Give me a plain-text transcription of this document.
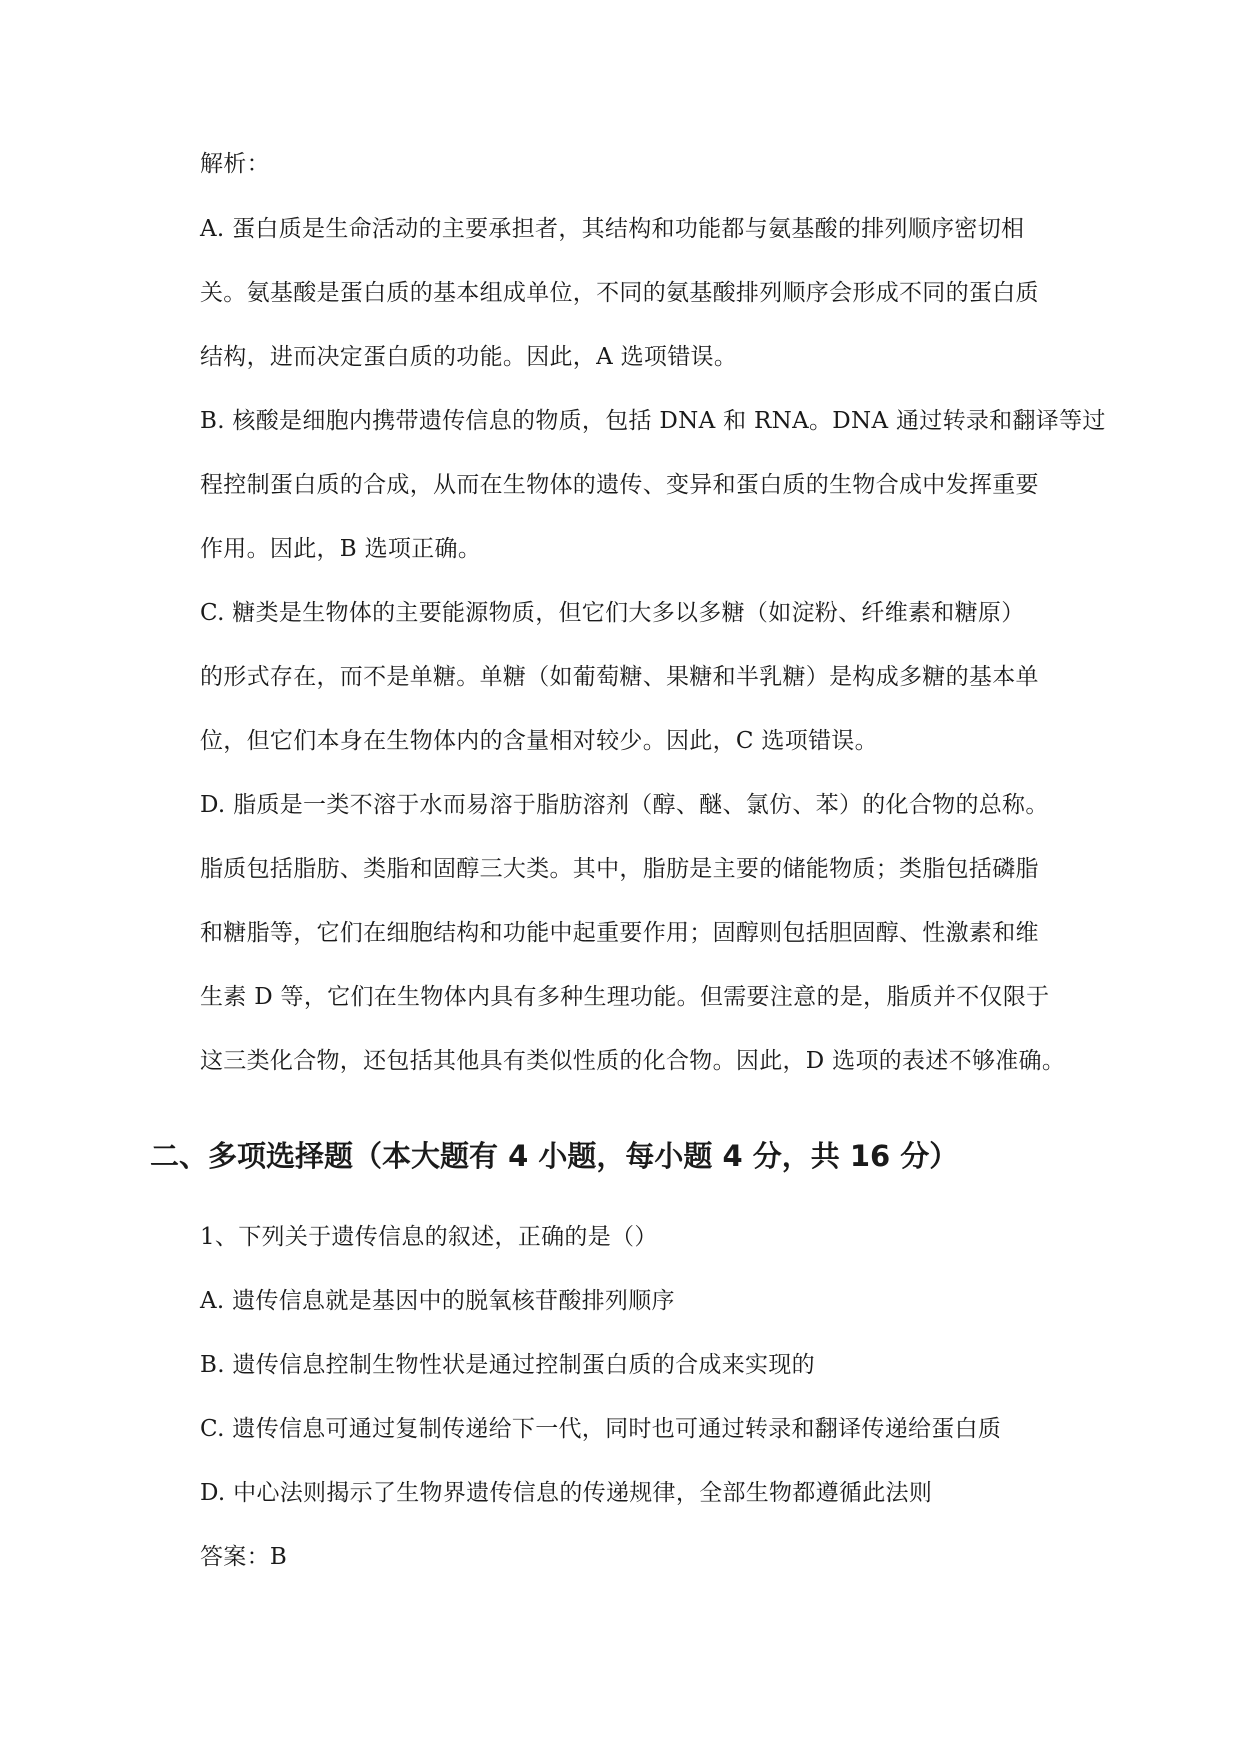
解析：
A. 蛋白质是生命活动的主要承担者，其结构和功能都与氨基酸的排列顺序密切相
关。氨基酸是蛋白质的基本组成单位，不同的氨基酸排列顺序会形成不同的蛋白质
结构，进而决定蛋白质的功能。因此，A 选项错误。
B. 核酸是细胞内携带遗传信息的物质，包括 DNA 和 RNA。DNA 通过转录和翻译等过
程控制蛋白质的合成，从而在生物体的遗传、变异和蛋白质的生物合成中发挥重要
作用。因此，B 选项正确。
C. 糖类是生物体的主要能源物质，但它们大多以多糖（如淀粉、纤维素和糖原）
的形式存在，而不是单糖。单糖（如葡萄糖、果糖和半乳糖）是构成多糖的基本单
位，但它们本身在生物体内的含量相对较少。因此，C 选项错误。
D. 脂质是一类不溶于水而易溶于脂肪溶剂（醇、醚、氯仿、苯）的化合物的总称。
脂质包括脂肪、类脂和固醇三大类。其中，脂肪是主要的储能物质；类脂包括磷脂
和糖脂等，它们在细胞结构和功能中起重要作用；固醇则包括胆固醇、性激素和维
生素 D 等，它们在生物体内具有多种生理功能。但需要注意的是，脂质并不仅限于
这三类化合物，还包括其他具有类似性质的化合物。因此，D 选项的表述不够准确。
二、多项选择题（本大题有 4 小题，每小题 4 分，共 16 分）
1、下列关于遗传信息的叙述，正确的是（）
A. 遗传信息就是基因中的脱氧核苷酸排列顺序
B. 遗传信息控制生物性状是通过控制蛋白质的合成来实现的
C. 遗传信息可通过复制传递给下一代，同时也可通过转录和翻译传递给蛋白质
D. 中心法则揭示了生物界遗传信息的传递规律，全部生物都遵循此法则
答案：B
